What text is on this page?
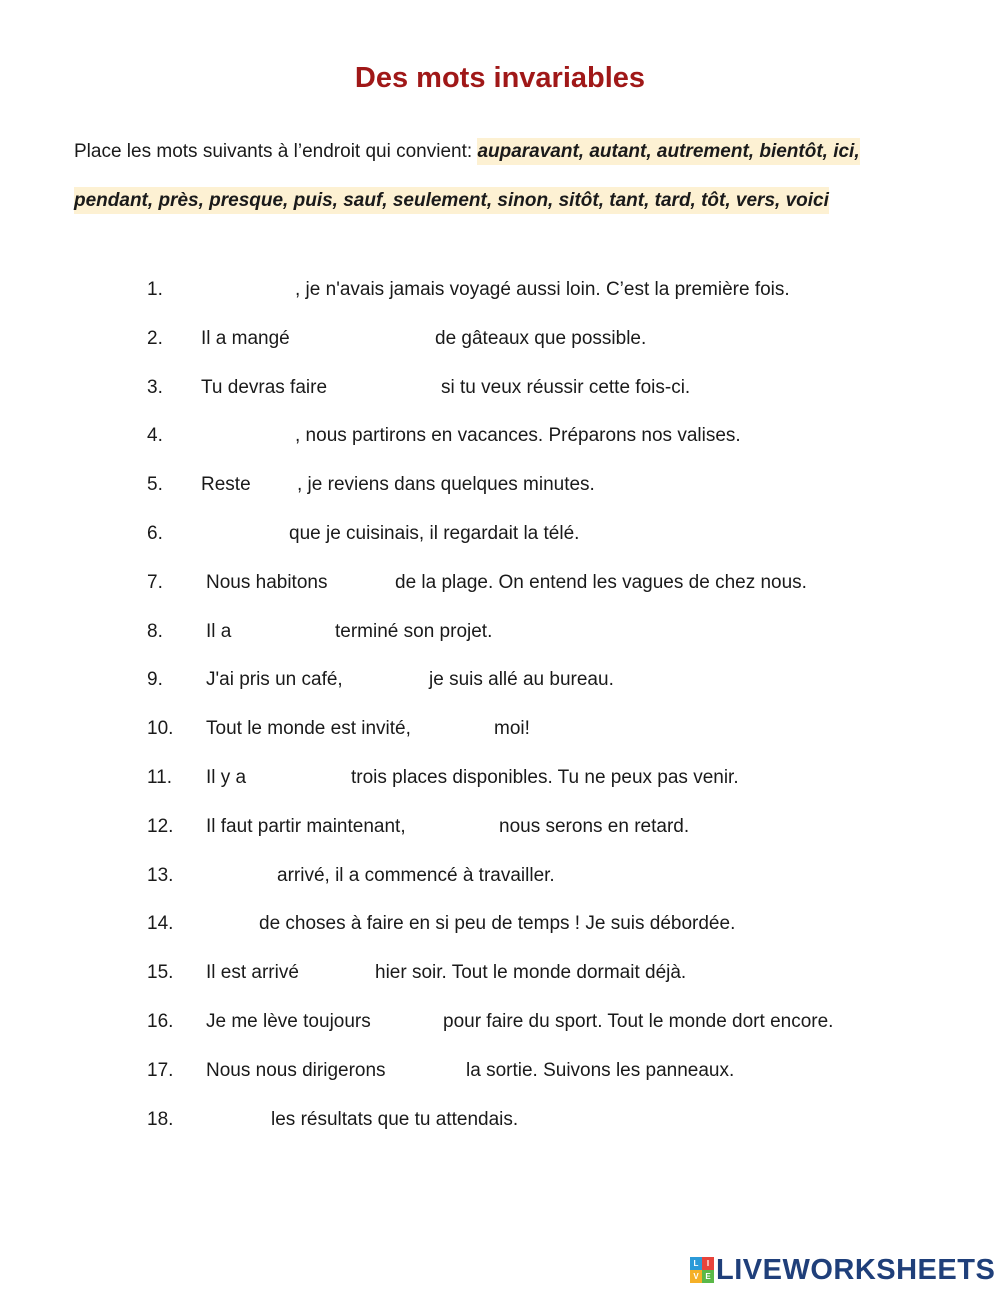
Des mots invariables
Place les mots suivants à l’endroit qui convient: auparavant, autant, autrement, bientôt, ici, pendant, près, presque, puis, sauf, seulement, sinon, sitôt, tant, tard, tôt, vers, voici
1.	, je n'avais jamais voyagé aussi loin. C’est la première fois.
2. Il a mangé	de gâteaux que possible.
3. Tu devras faire	si tu veux réussir cette fois-ci.
4.	, nous partirons en vacances. Préparons nos valises.
5. Reste , je reviens dans quelques minutes.
6.	que je cuisinais, il regardait la télé.
7. Nous habitons	de la plage. On entend les vagues de chez nous.
8. Il a	terminé son projet.
9. J'ai pris un café,	je suis allé au bureau.
10. Tout le monde est invité,	moi!
11. Il y a	trois places disponibles. Tu ne peux pas venir.
12. Il faut partir maintenant,	nous serons en retard.
13.	arrivé, il a commencé à travailler.
14.	de choses à faire en si peu de temps ! Je suis débordée.
15. Il est arrivé	hier soir. Tout le monde dormait déjà.
16. Je me lève toujours	pour faire du sport. Tout le monde dort encore.
17. Nous nous dirigerons	la sortie. Suivons les panneaux.
18.	les résultats que tu attendais.
L	I
V E LIVEWORKSHEETS
